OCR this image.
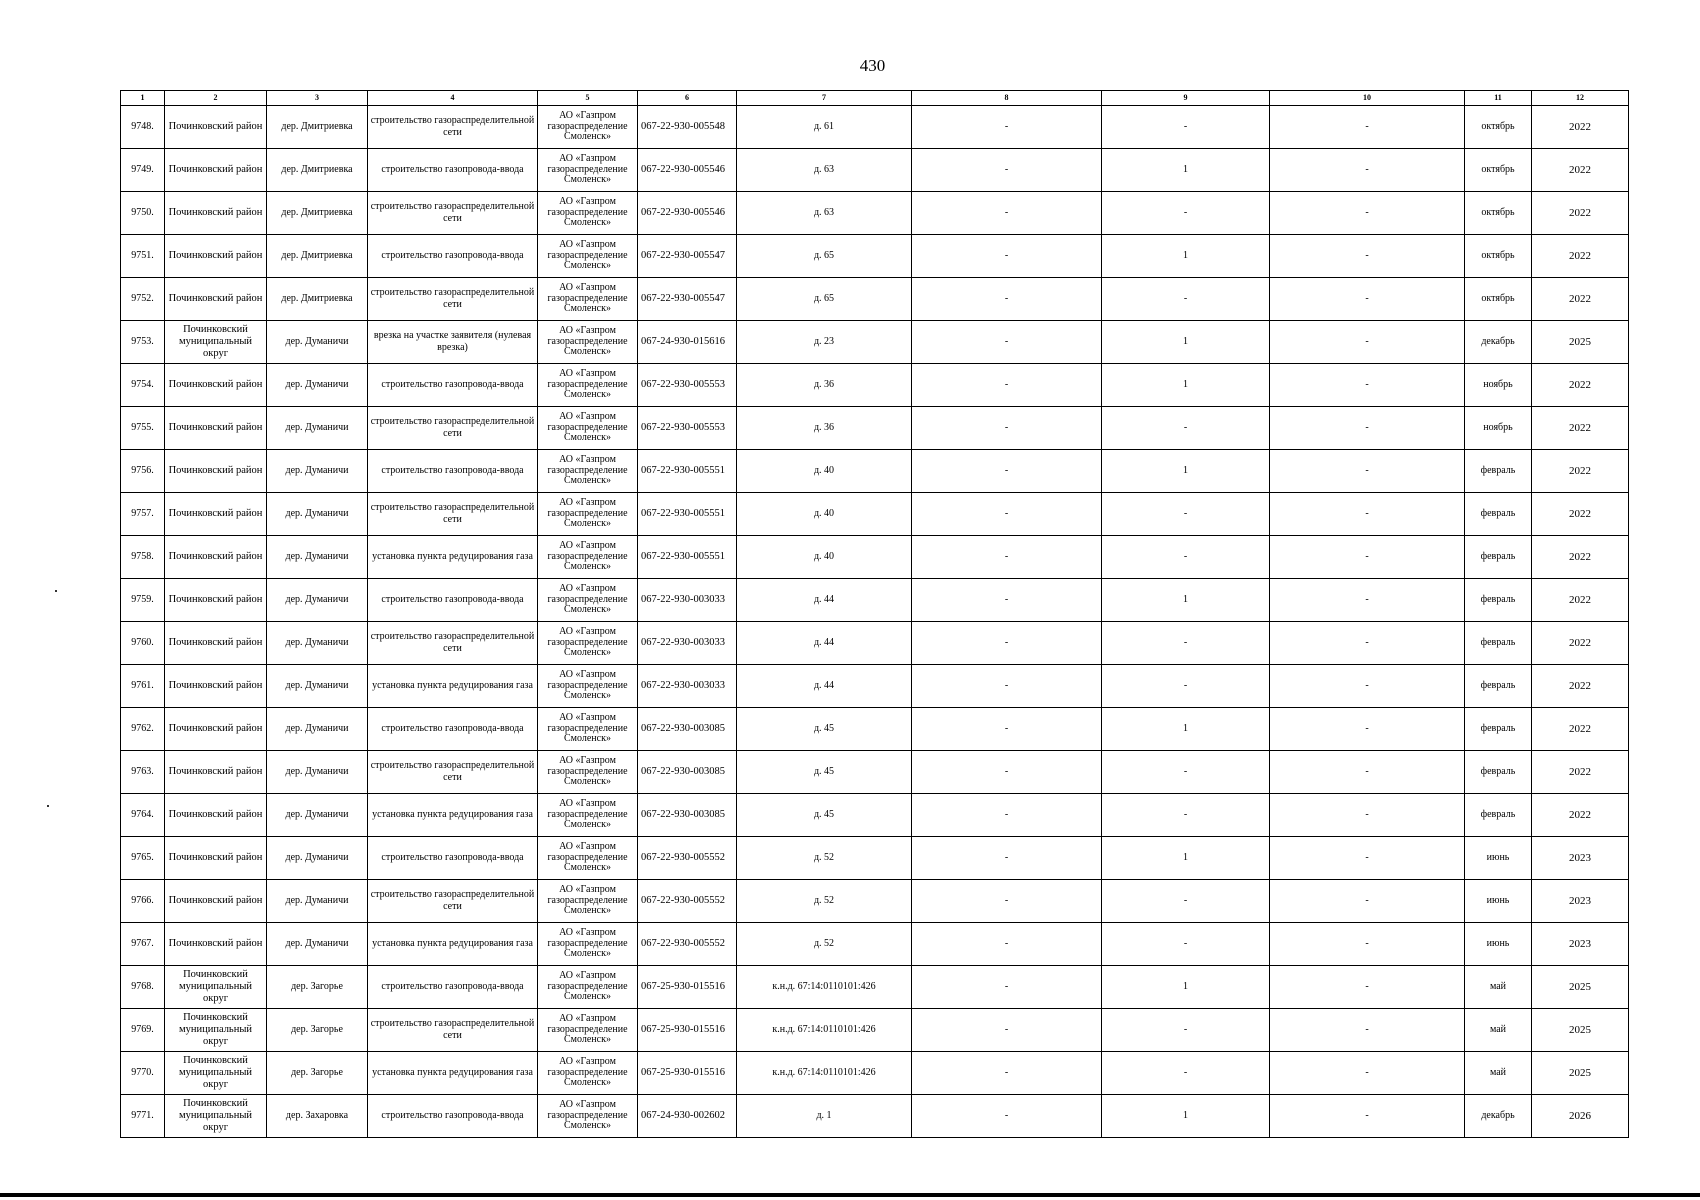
430
1	2	3	4	5	6	7	8	9	10	11	12
9748.	Починковский район	дер. Дмитриевка	строительство газораспределительной сети	АО «Газпром газораспределение Смоленск»	067-22-930-005548	д. 61	-	-	-	октябрь	2022
9749.	Починковский район	дер. Дмитриевка	строительство газопровода-ввода	АО «Газпром газораспределение Смоленск»	067-22-930-005546	д. 63	-	1	-	октябрь	2022
9750.	Починковский район	дер. Дмитриевка	строительство газораспределительной сети	АО «Газпром газораспределение Смоленск»	067-22-930-005546	д. 63	-	-	-	октябрь	2022
9751.	Починковский район	дер. Дмитриевка	строительство газопровода-ввода	АО «Газпром газораспределение Смоленск»	067-22-930-005547	д. 65	-	1	-	октябрь	2022
9752.	Починковский район	дер. Дмитриевка	строительство газораспределительной сети	АО «Газпром газораспределение Смоленск»	067-22-930-005547	д. 65	-	-	-	октябрь	2022
9753.	Починковский муниципальный округ	дер. Думаничи	врезка на участке заявителя (нулевая врезка)	АО «Газпром газораспределение Смоленск»	067-24-930-015616	д. 23	-	1	-	декабрь	2025
9754.	Починковский район	дер. Думаничи	строительство газопровода-ввода	АО «Газпром газораспределение Смоленск»	067-22-930-005553	д. 36	-	1	-	ноябрь	2022
9755.	Починковский район	дер. Думаничи	строительство газораспределительной сети	АО «Газпром газораспределение Смоленск»	067-22-930-005553	д. 36	-	-	-	ноябрь	2022
9756.	Починковский район	дер. Думаничи	строительство газопровода-ввода	АО «Газпром газораспределение Смоленск»	067-22-930-005551	д. 40	-	1	-	февраль	2022
9757.	Починковский район	дер. Думаничи	строительство газораспределительной сети	АО «Газпром газораспределение Смоленск»	067-22-930-005551	д. 40	-	-	-	февраль	2022
9758.	Починковский район	дер. Думаничи	установка пункта редуцирования газа	АО «Газпром газораспределение Смоленск»	067-22-930-005551	д. 40	-	-	-	февраль	2022
9759.	Починковский район	дер. Думаничи	строительство газопровода-ввода	АО «Газпром газораспределение Смоленск»	067-22-930-003033	д. 44	-	1	-	февраль	2022
9760.	Починковский район	дер. Думаничи	строительство газораспределительной сети	АО «Газпром газораспределение Смоленск»	067-22-930-003033	д. 44	-	-	-	февраль	2022
9761.	Починковский район	дер. Думаничи	установка пункта редуцирования газа	АО «Газпром газораспределение Смоленск»	067-22-930-003033	д. 44	-	-	-	февраль	2022
9762.	Починковский район	дер. Думаничи	строительство газопровода-ввода	АО «Газпром газораспределение Смоленск»	067-22-930-003085	д. 45	-	1	-	февраль	2022
9763.	Починковский район	дер. Думаничи	строительство газораспределительной сети	АО «Газпром газораспределение Смоленск»	067-22-930-003085	д. 45	-	-	-	февраль	2022
9764.	Починковский район	дер. Думаничи	установка пункта редуцирования газа	АО «Газпром газораспределение Смоленск»	067-22-930-003085	д. 45	-	-	-	февраль	2022
9765.	Починковский район	дер. Думаничи	строительство газопровода-ввода	АО «Газпром газораспределение Смоленск»	067-22-930-005552	д. 52	-	1	-	июнь	2023
9766.	Починковский район	дер. Думаничи	строительство газораспределительной сети	АО «Газпром газораспределение Смоленск»	067-22-930-005552	д. 52	-	-	-	июнь	2023
9767.	Починковский район	дер. Думаничи	установка пункта редуцирования газа	АО «Газпром газораспределение Смоленск»	067-22-930-005552	д. 52	-	-	-	июнь	2023
9768.	Починковский муниципальный округ	дер. Загорье	строительство газопровода-ввода	АО «Газпром газораспределение Смоленск»	067-25-930-015516	к.н.д. 67:14:0110101:426	-	1	-	май	2025
9769.	Починковский муниципальный округ	дер. Загорье	строительство газораспределительной сети	АО «Газпром газораспределение Смоленск»	067-25-930-015516	к.н.д. 67:14:0110101:426	-	-	-	май	2025
9770.	Починковский муниципальный округ	дер. Загорье	установка пункта редуцирования газа	АО «Газпром газораспределение Смоленск»	067-25-930-015516	к.н.д. 67:14:0110101:426	-	-	-	май	2025
9771.	Починковский муниципальный округ	дер. Захаровка	строительство газопровода-ввода	АО «Газпром газораспределение Смоленск»	067-24-930-002602	д. 1	-	1	-	декабрь	2026
